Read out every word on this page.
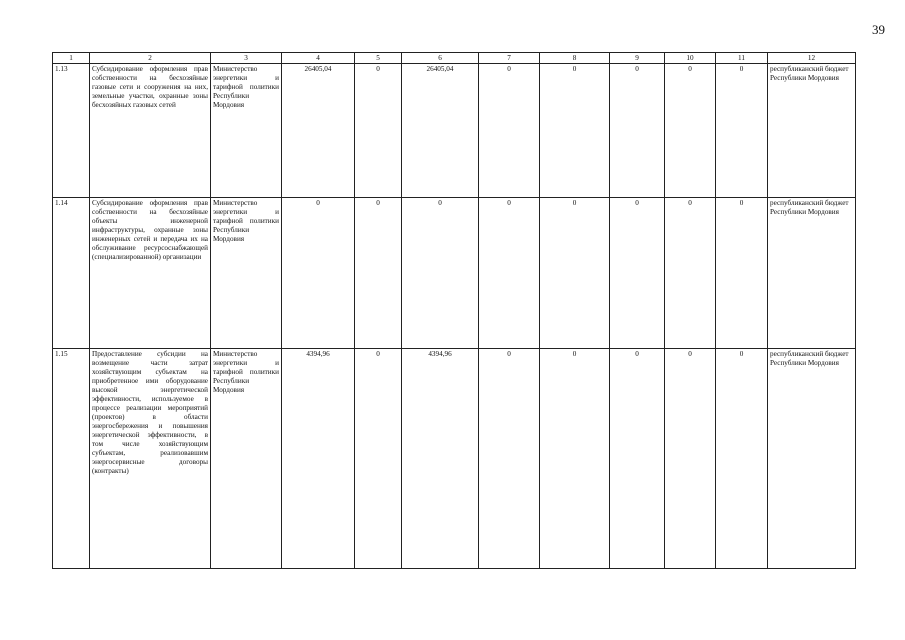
39
1	2	3	4	5	6	7	8	9	10	11	12
1.13	Субсидирование оформления прав собственности на бесхозяйные газовые сети и сооружения на них, земельные участки, охранные зоны бесхозяйных газовых сетей	Министерство энергетики и тарифной политики Республики Мордовия	26405,04	0	26405,04	0	0	0	0	0	республиканский бюджет Республики Мордовия
1.14	Субсидирование оформления прав собственности на бесхозяйные объекты инженерной инфраструктуры, охранные зоны инженерных сетей и передача их на обслуживание ресурсоснабжающей (специализированной) организации	Министерство энергетики и тарифной политики Республики Мордовия	0	0	0	0	0	0	0	0	республиканский бюджет Республики Мордовия
1.15	Предоставление субсидии на возмещение части затрат хозяйствующим субъектам на приобретенное ими оборудование высокой энергетической эффективности, используемое в процессе реализации мероприятий (проектов) в области энергосбережения и повышения энергетической эффективности, в том числе хозяйствующим субъектам, реализовавшим энергосервисные договоры (контракты)	Министерство энергетики и тарифной политики Республики Мордовия	4394,96	0	4394,96	0	0	0	0	0	республиканский бюджет Республики Мордовия
